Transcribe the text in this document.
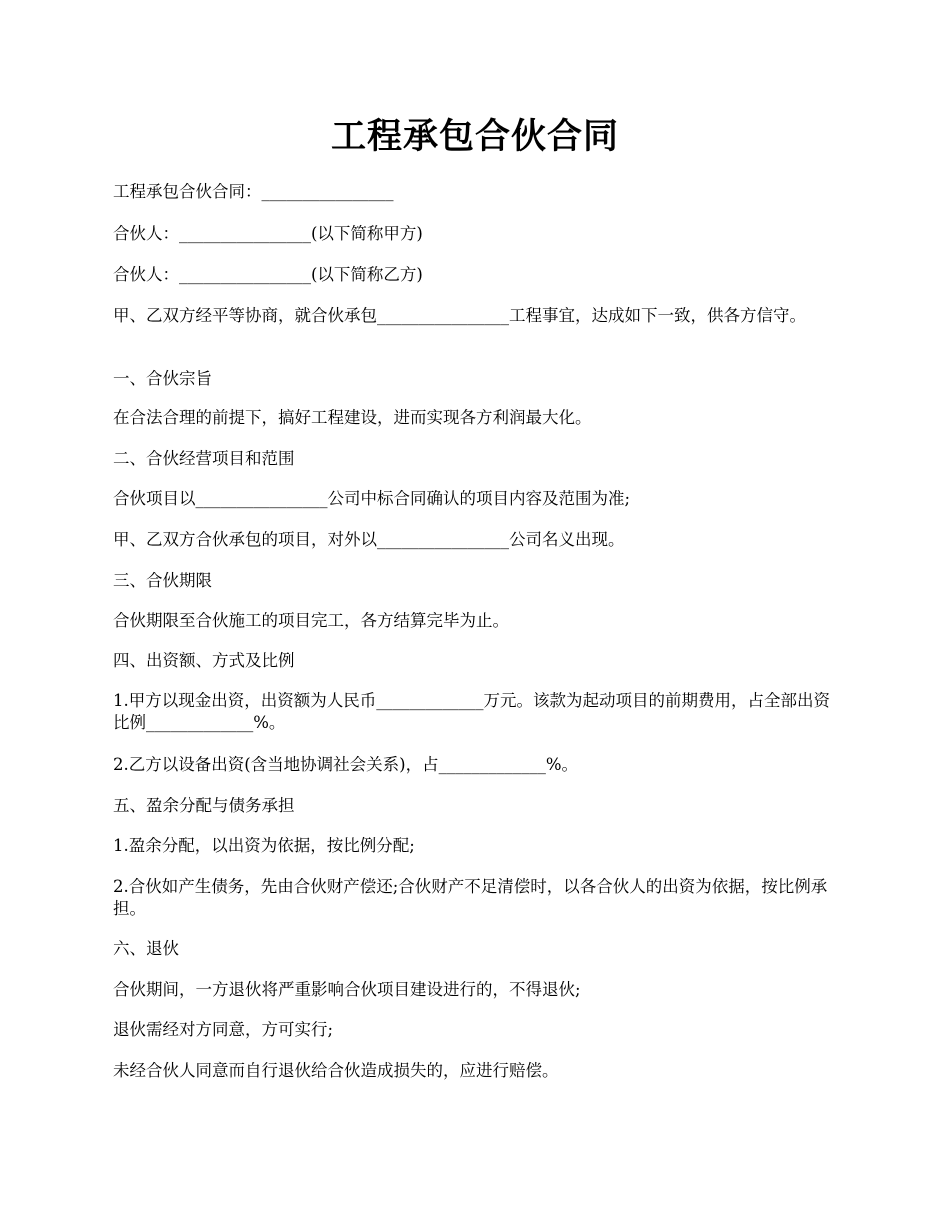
工程承包合伙合同
工程承包合伙合同：________________
合伙人：________________(以下简称甲方)
合伙人：________________(以下简称乙方)
甲、乙双方经平等协商，就合伙承包________________工程事宜，达成如下一致，供各方信守。
一、合伙宗旨
在合法合理的前提下，搞好工程建设，进而实现各方利润最大化。
二、合伙经营项目和范围
合伙项目以________________公司中标合同确认的项目内容及范围为准;
甲、乙双方合伙承包的项目，对外以________________公司名义出现。
三、合伙期限
合伙期限至合伙施工的项目完工，各方结算完毕为止。
四、出资额、方式及比例
1.甲方以现金出资，出资额为人民币_____________万元。该款为起动项目的前期费用，占全部出资比例_____________%。
2.乙方以设备出资(含当地协调社会关系)，占_____________%。
五、盈余分配与债务承担
1.盈余分配，以出资为依据，按比例分配;
2.合伙如产生债务，先由合伙财产偿还;合伙财产不足清偿时，以各合伙人的出资为依据，按比例承担。
六、退伙
合伙期间，一方退伙将严重影响合伙项目建设进行的，不得退伙;
退伙需经对方同意，方可实行;
未经合伙人同意而自行退伙给合伙造成损失的，应进行赔偿。
